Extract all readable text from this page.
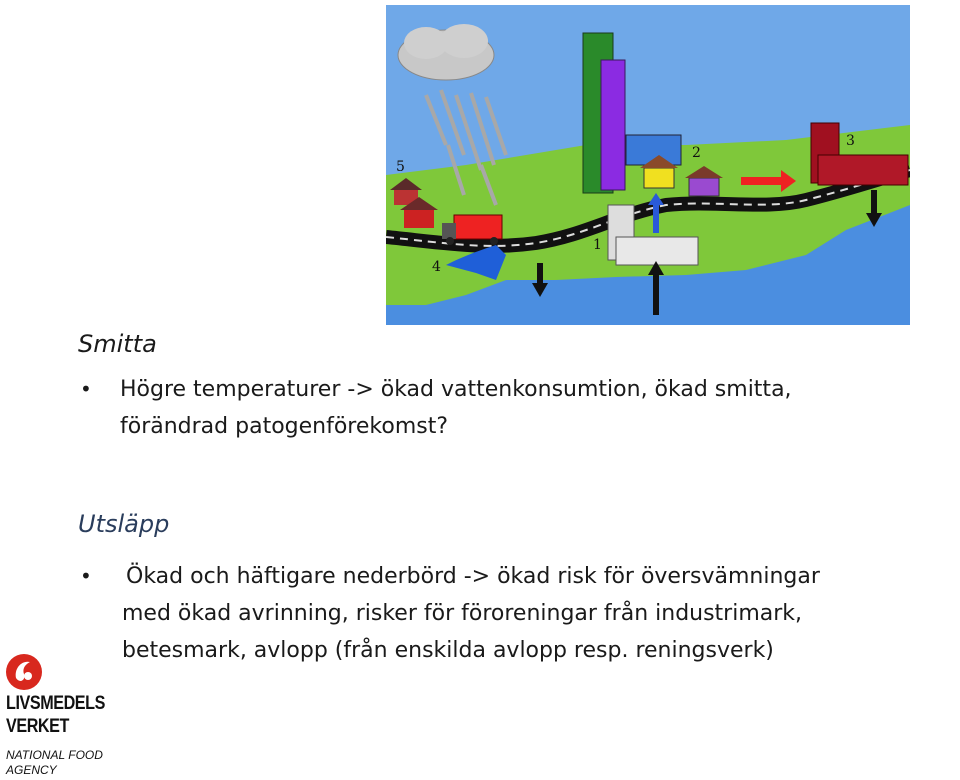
1
2
3
4
5
Smitta
• Högre temperaturer -> ökad vattenkonsumtion, ökad smitta,
förändrad patogenförekomst?
Utsläpp
• Ökad och häftigare nederbörd -> ökad risk för översvämningar
med ökad avrinning, risker för föroreningar från industrimark,
betesmark, avlopp (från enskilda avlopp resp. reningsverk)
LIVSMEDELS
VERKET
NATIONAL FOOD
AGENCY
